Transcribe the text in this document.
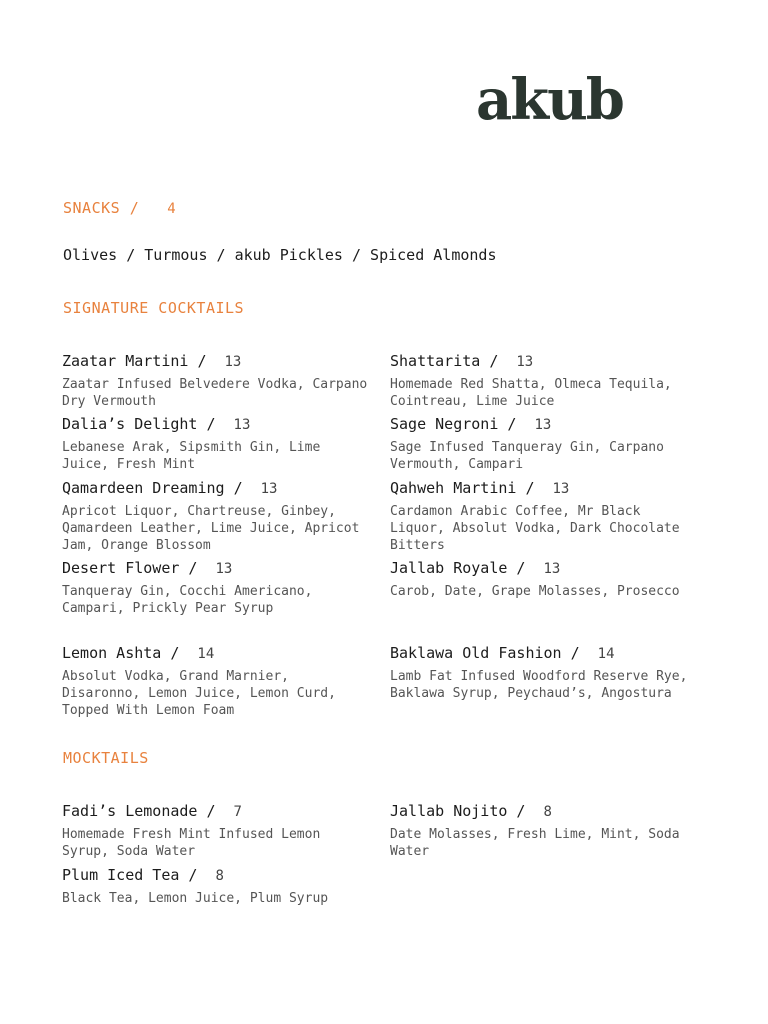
akub
SNACKS / 4
Olives / Turmous / akub Pickles / Spiced Almonds
SIGNATURE COCKTAILS
Zaatar Martini / 13
Zaatar Infused Belvedere Vodka, Carpano Dry Vermouth
Shattarita / 13
Homemade Red Shatta, Olmeca Tequila, Cointreau, Lime Juice
Dalia’s Delight / 13
Lebanese Arak, Sipsmith Gin, Lime Juice, Fresh Mint
Sage Negroni / 13
Sage Infused Tanqueray Gin, Carpano Vermouth, Campari
Qamardeen Dreaming / 13
Apricot Liquor, Chartreuse, Ginbey, Qamardeen Leather, Lime Juice, Apricot Jam, Orange Blossom
Qahweh Martini / 13
Cardamon Arabic Coffee, Mr Black Liquor, Absolut Vodka, Dark Chocolate Bitters
Desert Flower / 13
Tanqueray Gin, Cocchi Americano, Campari, Prickly Pear Syrup
Jallab Royale / 13
Carob, Date, Grape Molasses, Prosecco
Lemon Ashta / 14
Absolut Vodka, Grand Marnier, Disaronno, Lemon Juice, Lemon Curd, Topped With Lemon Foam
Baklawa Old Fashion / 14
Lamb Fat Infused Woodford Reserve Rye, Baklawa Syrup, Peychaud’s, Angostura
MOCKTAILS
Fadi’s Lemonade / 7
Homemade Fresh Mint Infused Lemon Syrup, Soda Water
Jallab Nojito / 8
Date Molasses, Fresh Lime, Mint, Soda Water
Plum Iced Tea / 8
Black Tea, Lemon Juice, Plum Syrup
